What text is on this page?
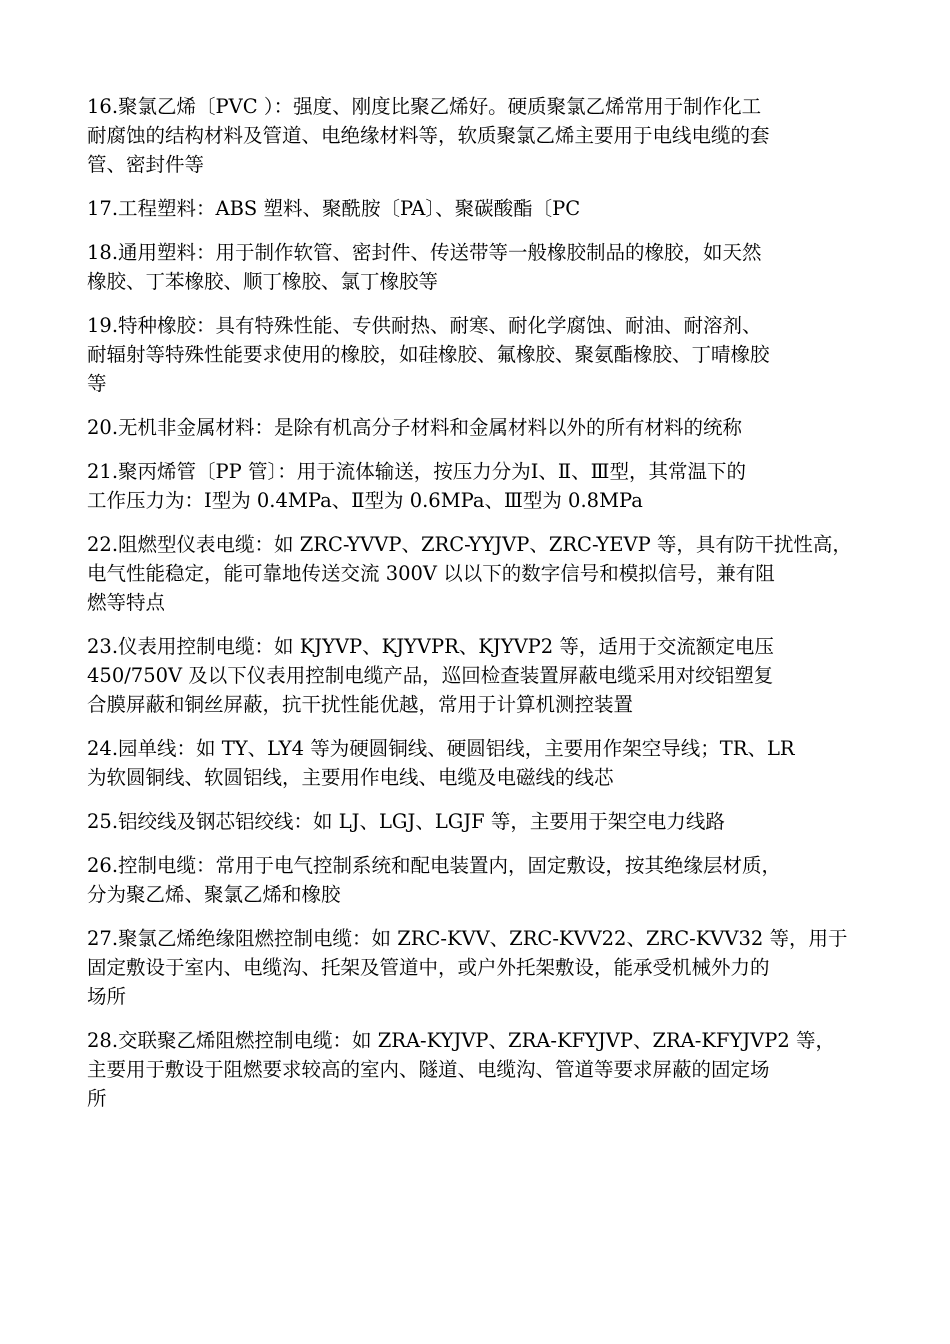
16.聚氯乙烯〔PVC ）：强度、刚度比聚乙烯好。硬质聚氯乙烯常用于制作化工
耐腐蚀的结构材料及管道、电绝缘材料等，软质聚氯乙烯主要用于电线电缆的套
管、密封件等

17.工程塑料：ABS 塑料、聚酰胺〔PA〕、聚碳酸酯〔PC

18.通用塑料：用于制作软管、密封件、传送带等一般橡胶制品的橡胶，如天然
橡胶、丁苯橡胶、顺丁橡胶、氯丁橡胶等

19.特种橡胶：具有特殊性能、专供耐热、耐寒、耐化学腐蚀、耐油、耐溶剂、
耐辐射等特殊性能要求使用的橡胶，如硅橡胶、氟橡胶、聚氨酯橡胶、丁晴橡胶
等

20.无机非金属材料：是除有机高分子材料和金属材料以外的所有材料的统称

21.聚丙烯管〔PP 管〕：用于流体输送，按压力分为Ⅰ、Ⅱ、Ⅲ型，其常温下的
工作压力为：Ⅰ型为 0.4MPa、Ⅱ型为 0.6MPa、Ⅲ型为 0.8MPa

22.阻燃型仪表电缆：如 ZRC-YVVP、ZRC-YYJVP、ZRC-YEVP 等，具有防干扰性高，
电气性能稳定，能可靠地传送交流 300V 以以下的数字信号和模拟信号，兼有阻
燃等特点

23.仪表用控制电缆：如 KJYVP、KJYVPR、KJYVP2 等，适用于交流额定电压
450/750V 及以下仪表用控制电缆产品，巡回检查装置屏蔽电缆采用对绞铝塑复
合膜屏蔽和铜丝屏蔽，抗干扰性能优越，常用于计算机测控装置

24.园单线：如 TY、LY4 等为硬圆铜线、硬圆铝线，主要用作架空导线；TR、LR
为软圆铜线、软圆铝线，主要用作电线、电缆及电磁线的线芯

25.铝绞线及钢芯铝绞线：如 LJ、LGJ、LGJF 等，主要用于架空电力线路

26.控制电缆：常用于电气控制系统和配电装置内，固定敷设，按其绝缘层材质，
分为聚乙烯、聚氯乙烯和橡胶

27.聚氯乙烯绝缘阻燃控制电缆：如 ZRC-KVV、ZRC-KVV22、ZRC-KVV32 等，用于
固定敷设于室内、电缆沟、托架及管道中，或户外托架敷设，能承受机械外力的
场所

28.交联聚乙烯阻燃控制电缆：如 ZRA-KYJVP、ZRA-KFYJVP、ZRA-KFYJVP2 等，
主要用于敷设于阻燃要求较高的室内、隧道、电缆沟、管道等要求屏蔽的固定场
所
